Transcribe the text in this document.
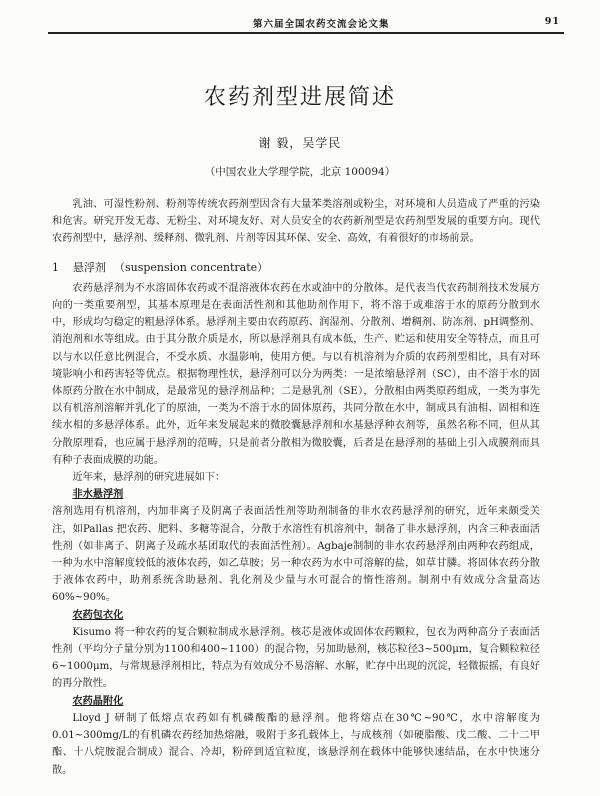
第六届全国农药交流会论文集	91
农药剂型进展简述
谢 毅，吴学民
（中国农业大学理学院，北京 100094）

乳油、可湿性粉剂、粉剂等传统农药剂型因含有大量苯类溶剂或粉尘，对环境和人员造成了严重的污染和危害。研究开发无毒、无粉尘、对环境友好、对人员安全的农药新剂型是农药剂型发展的重要方向。现代农药剂型中，悬浮剂、缓释剂、微乳剂、片剂等因其环保、安全、高效，有着很好的市场前景。

1 悬浮剂 （suspension concentrate）

农药悬浮剂为不水溶固体农药或不混溶液体农药在水或油中的分散体。是代表当代农药制剂技术发展方向的一类重要剂型，其基本原理是在表面活性剂和其他助剂作用下，将不溶于或难溶于水的原药分散到水中，形成均匀稳定的粗悬浮体系。悬浮剂主要由农药原药、润湿剂、分散剂、增稠剂、防冻剂、pH调整剂、消泡剂和水等组成。由于其分散介质是水，所以悬浮剂具有成本低，生产、贮运和使用安全等特点，而且可以与水以任意比例混合，不受水质、水温影响，使用方便。与以有机溶剂为介质的农药剂型相比，具有对环境影响小和药害轻等优点。根据物理性状，悬浮剂可以分为两类：一是浓缩悬浮剂（SC），由不溶于水的固体原药分散在水中制成，是最常见的悬浮剂品种；二是悬乳剂（SE），分散相由两类原药组成，一类为事先以有机溶剂溶解并乳化了的原油，一类为不溶于水的固体原药，共同分散在水中，制成具有油相、固相和连续水相的多悬浮体系。此外，近年来发展起来的微胶囊悬浮剂和水基悬浮种衣剂等，虽然名称不同，但从其分散原理看，也应属于悬浮剂的范畴，只是前者分散相为微胶囊，后者是在悬浮剂的基础上引入成膜剂而具有种子表面成膜的功能。

近年来，悬浮剂的研究进展如下：

非水悬浮剂

溶剂选用有机溶剂，内加非离子及阴离子表面活性剂等助剂制备的非水农药悬浮剂的研究，近年来颇受关注，如Pallas 把农药、肥料、多糖等混合，分散于水溶性有机溶剂中，制备了非水悬浮剂，内含三种表面活性剂（如非离子、阴离子及疏水基团取代的表面活性剂）。Agbaje制制的非水农药悬浮剂由两种农药组成，一种为水中溶解度较低的液体农药，如乙草胺；另一种农药为水中可溶解的盐，如草甘膦。将固体农药分散于液体农药中，助剂系统含助悬剂、乳化剂及少量与水可混合的惰性溶剂。制剂中有效成分含量高达60%~90%。

农药包衣化

Kisumo 将一种农药的复合颗粒制成水悬浮剂。核芯是液体或固体农药颗粒，包衣为两种高分子表面活性剂（平均分子量分别为1100和400~1100）的混合物，另加助悬剂，核芯粒径3~500μm，复合颗粒粒径6~1000μm，与常规悬浮剂相比，特点为有效成分不易溶解、水解，贮存中出现的沉淀，轻微振摇，有良好的再分散性。

农药晶附化

Lloyd J 研制了低熔点农药如有机磷酸酯的悬浮剂。他将熔点在30℃~90℃，水中溶解度为0.01~300mg/L的有机磷农药经加热熔融，吸附于多孔载体上，与成核剂（如硬脂酸、戊二酸、二十二甲酯、十八烷胺混合制成）混合、冷却，粉碎到适宜粒度，该悬浮剂在载体中能够快速结晶，在水中快速分散。
